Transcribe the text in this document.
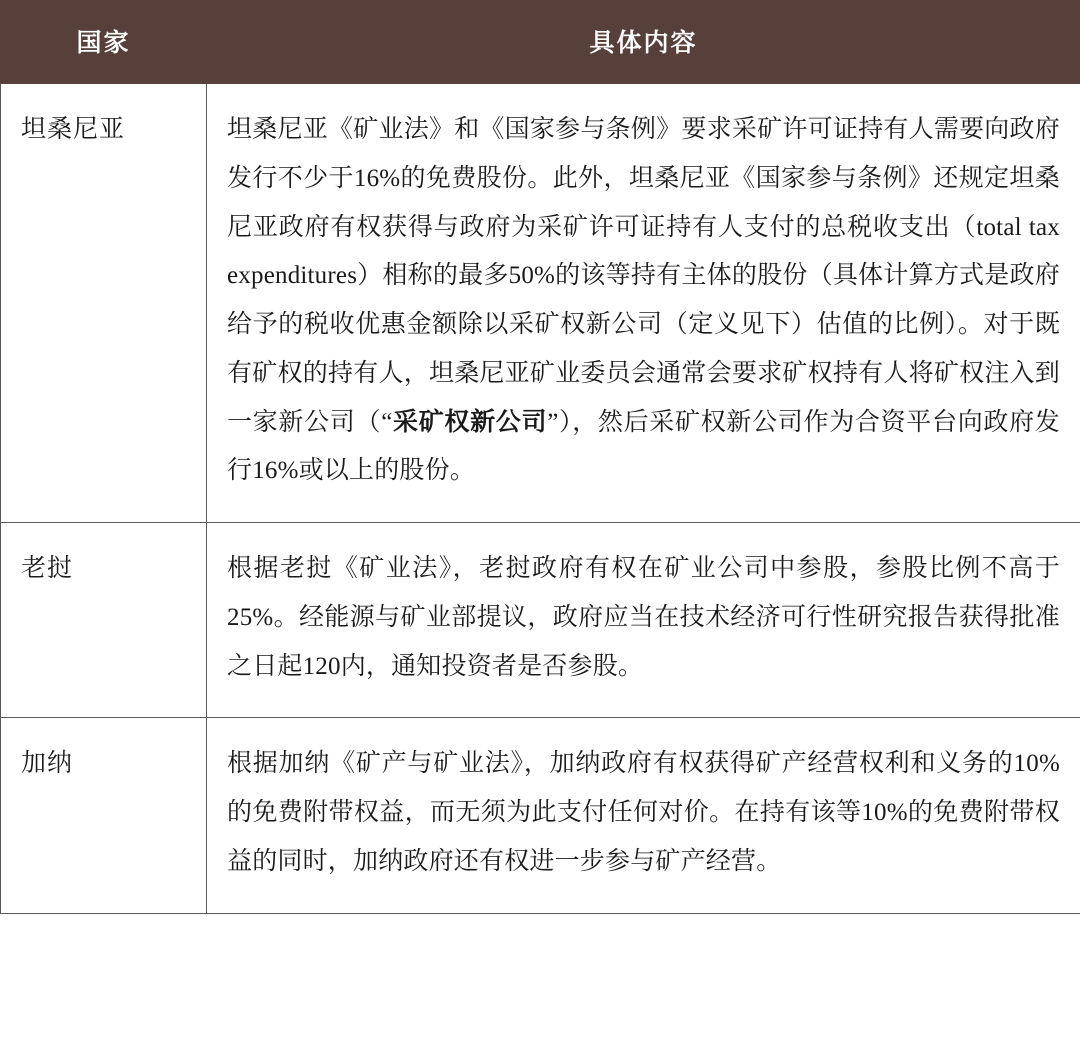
国家	具体内容
坦桑尼亚	坦桑尼亚《矿业法》和《国家参与条例》要求采矿许可证持有人需要向政府发行不少于16%的免费股份。此外，坦桑尼亚《国家参与条例》还规定坦桑尼亚政府有权获得与政府为采矿许可证持有人支付的总税收支出（total tax expenditures）相称的最多50%的该等持有主体的股份（具体计算方式是政府给予的税收优惠金额除以采矿权新公司（定义见下）估值的比例）。对于既有矿权的持有人，坦桑尼亚矿业委员会通常会要求矿权持有人将矿权注入到一家新公司（“采矿权新公司”），然后采矿权新公司作为合资平台向政府发行16%或以上的股份。
老挝	根据老挝《矿业法》，老挝政府有权在矿业公司中参股，参股比例不高于25%。经能源与矿业部提议，政府应当在技术经济可行性研究报告获得批准之日起120内，通知投资者是否参股。
加纳	根据加纳《矿产与矿业法》，加纳政府有权获得矿产经营权利和义务的10%的免费附带权益，而无须为此支付任何对价。在持有该等10%的免费附带权益的同时，加纳政府还有权进一步参与矿产经营。
